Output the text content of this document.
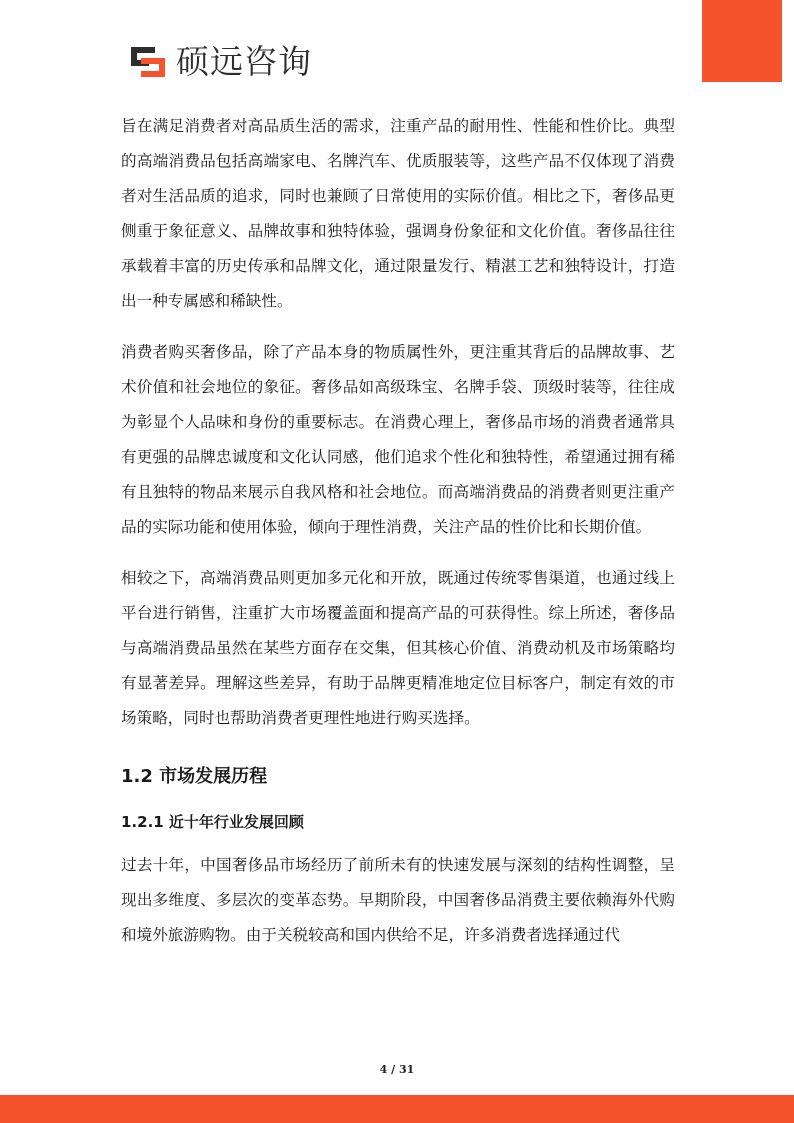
硕远咨询

旨在满足消费者对高品质生活的需求，注重产品的耐用性、性能和性价比。典型的高端消费品包括高端家电、名牌汽车、优质服装等，这些产品不仅体现了消费者对生活品质的追求，同时也兼顾了日常使用的实际价值。相比之下，奢侈品更侧重于象征意义、品牌故事和独特体验，强调身份象征和文化价值。奢侈品往往承载着丰富的历史传承和品牌文化，通过限量发行、精湛工艺和独特设计，打造出一种专属感和稀缺性。

消费者购买奢侈品，除了产品本身的物质属性外，更注重其背后的品牌故事、艺术价值和社会地位的象征。奢侈品如高级珠宝、名牌手袋、顶级时装等，往往成为彰显个人品味和身份的重要标志。在消费心理上，奢侈品市场的消费者通常具有更强的品牌忠诚度和文化认同感，他们追求个性化和独特性，希望通过拥有稀有且独特的物品来展示自我风格和社会地位。而高端消费品的消费者则更注重产品的实际功能和使用体验，倾向于理性消费，关注产品的性价比和长期价值。

相较之下，高端消费品则更加多元化和开放，既通过传统零售渠道，也通过线上平台进行销售，注重扩大市场覆盖面和提高产品的可获得性。综上所述，奢侈品与高端消费品虽然在某些方面存在交集，但其核心价值、消费动机及市场策略均有显著差异。理解这些差异，有助于品牌更精准地定位目标客户，制定有效的市场策略，同时也帮助消费者更理性地进行购买选择。

1.2 市场发展历程
1.2.1 近十年行业发展回顾

过去十年，中国奢侈品市场经历了前所未有的快速发展与深刻的结构性调整，呈现出多维度、多层次的变革态势。早期阶段，中国奢侈品消费主要依赖海外代购和境外旅游购物。由于关税较高和国内供给不足，许多消费者选择通过代

4 / 31
